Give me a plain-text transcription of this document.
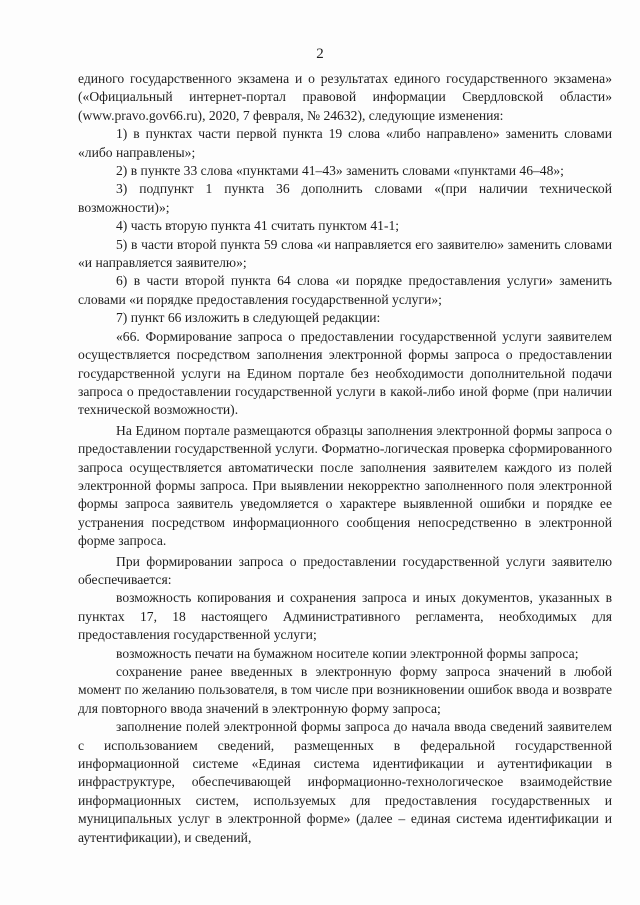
2

единого государственного экзамена и о результатах единого государственного экзамена» («Официальный интернет-портал правовой информации Свердловской области» (www.pravo.gov66.ru), 2020, 7 февраля, № 24632), следующие изменения:

1) в пунктах части первой пункта 19 слова «либо направлено» заменить словами «либо направлены»;

2) в пункте 33 слова «пунктами 41–43» заменить словами «пунктами 46–48»;

3) подпункт 1 пункта 36 дополнить словами «(при наличии технической возможности)»;

4) часть вторую пункта 41 считать пунктом 41-1;

5) в части второй пункта 59 слова «и направляется его заявителю» заменить словами «и направляется заявителю»;

6) в части второй пункта 64 слова «и порядке предоставления услуги» заменить словами «и порядке предоставления государственной услуги»;

7) пункт 66 изложить в следующей редакции:

«66. Формирование запроса о предоставлении государственной услуги заявителем осуществляется посредством заполнения электронной формы запроса о предоставлении государственной услуги на Едином портале без необходимости дополнительной подачи запроса о предоставлении государственной услуги в какой-либо иной форме (при наличии технической возможности).

На Едином портале размещаются образцы заполнения электронной формы запроса о предоставлении государственной услуги. Форматно-логическая проверка сформированного запроса осуществляется автоматически после заполнения заявителем каждого из полей электронной формы запроса. При выявлении некорректно заполненного поля электронной формы запроса заявитель уведомляется о характере выявленной ошибки и порядке ее устранения посредством информационного сообщения непосредственно в электронной форме запроса.

При формировании запроса о предоставлении государственной услуги заявителю обеспечивается:

возможность копирования и сохранения запроса и иных документов, указанных в пунктах 17, 18 настоящего Административного регламента, необходимых для предоставления государственной услуги;

возможность печати на бумажном носителе копии электронной формы запроса;

сохранение ранее введенных в электронную форму запроса значений в любой момент по желанию пользователя, в том числе при возникновении ошибок ввода и возврате для повторного ввода значений в электронную форму запроса;

заполнение полей электронной формы запроса до начала ввода сведений заявителем с использованием сведений, размещенных в федеральной государственной информационной системе «Единая система идентификации и аутентификации в инфраструктуре, обеспечивающей информационно-технологическое взаимодействие информационных систем, используемых для предоставления государственных и муниципальных услуг в электронной форме» (далее – единая система идентификации и аутентификации), и сведений,
